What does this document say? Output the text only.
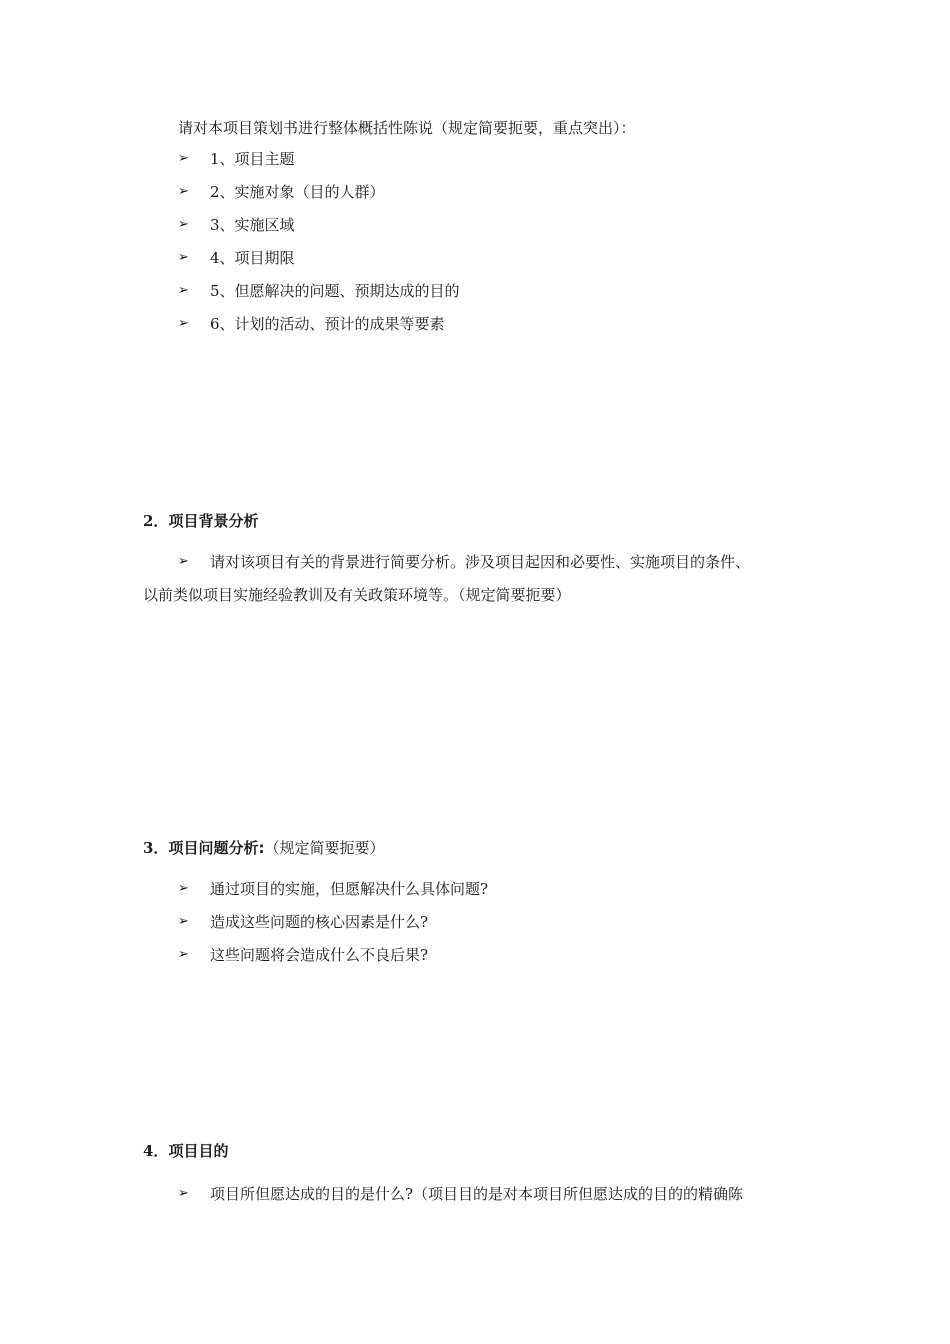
请对本项目策划书进行整体概括性陈说（规定简要扼要，重点突出）：
➢ 1、项目主题
➢ 2、实施对象（目的人群）
➢ 3、实施区域
➢ 4、项目期限
➢ 5、但愿解决的问题、预期达成的目的
➢ 6、计划的活动、预计的成果等要素
2．项目背景分析
➢ 请对该项目有关的背景进行简要分析。涉及项目起因和必要性、实施项目的条件、
以前类似项目实施经验教训及有关政策环境等。（规定简要扼要）
3．项目问题分析:（规定简要扼要）
➢ 通过项目的实施，但愿解决什么具体问题?
➢ 造成这些问题的核心因素是什么?
➢ 这些问题将会造成什么不良后果?
4．项目目的
➢ 项目所但愿达成的目的是什么?（项目目的是对本项目所但愿达成的目的的精确陈
